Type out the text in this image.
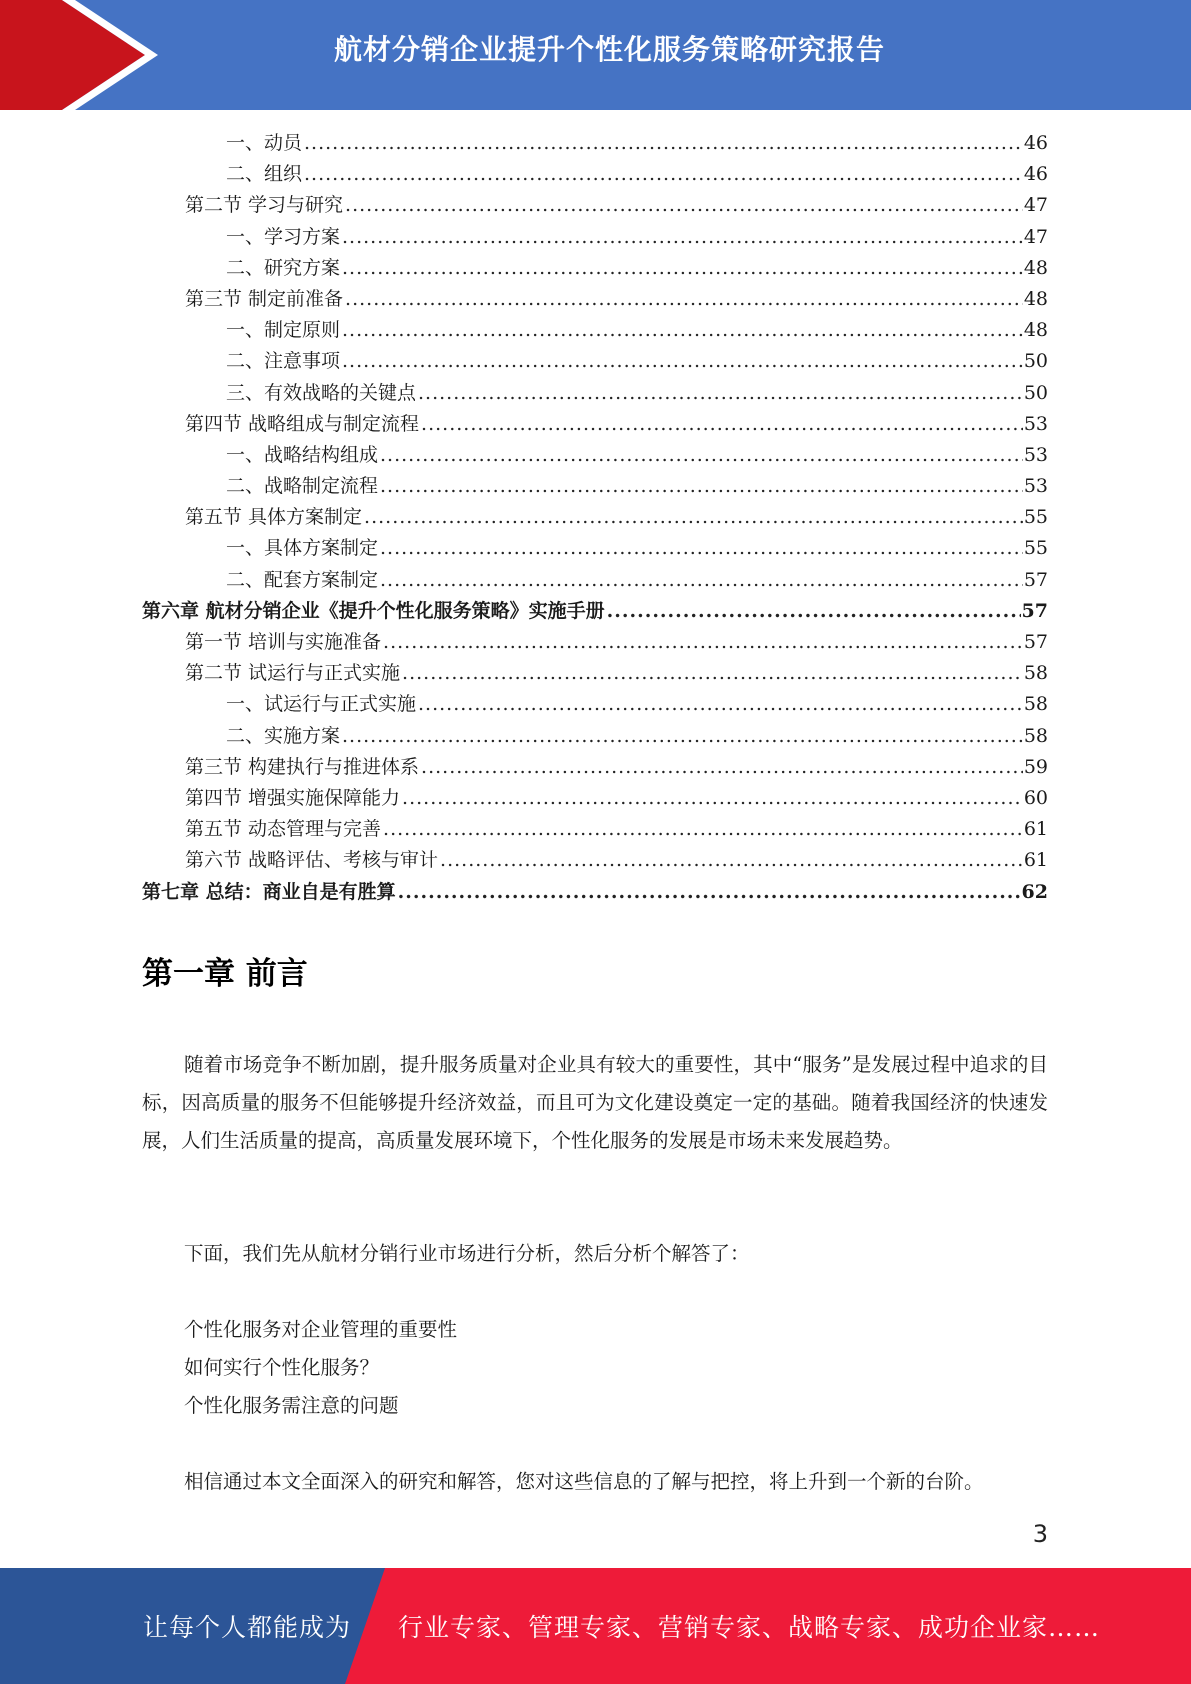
航材分销企业提升个性化服务策略研究报告
一、动员 .....	46
二、组织 .....	46
第二节 学习与研究 .....	47
一、学习方案 .....	47
二、研究方案 .....	48
第三节 制定前准备 .....	48
一、制定原则 .....	48
二、注意事项 .....	50
三、有效战略的关键点 .....	50
第四节 战略组成与制定流程 .....	53
一、战略结构组成 .....	53
二、战略制定流程 .....	53
第五节 具体方案制定 .....	55
一、具体方案制定 .....	55
二、配套方案制定 .....	57
第六章 航材分销企业《提升个性化服务策略》实施手册 .....	57
第一节 培训与实施准备 .....	57
第二节 试运行与正式实施 .....	58
一、试运行与正式实施 .....	58
二、实施方案 .....	58
第三节 构建执行与推进体系 .....	59
第四节 增强实施保障能力 .....	60
第五节 动态管理与完善 .....	61
第六节 战略评估、考核与审计 .....	61
第七章 总结：商业自是有胜算 .....	62
第一章 前言

随着市场竞争不断加剧，提升服务质量对企业具有较大的重要性，其中“服务”是发展过程中追求的目标，因高质量的服务不但能够提升经济效益，而且可为文化建设奠定一定的基础。随着我国经济的快速发展，人们生活质量的提高，高质量发展环境下，个性化服务的发展是市场未来发展趋势。

下面，我们先从航材分销行业市场进行分析，然后分析个解答了：

个性化服务对企业管理的重要性
如何实行个性化服务？
个性化服务需注意的问题

相信通过本文全面深入的研究和解答，您对这些信息的了解与把控，将上升到一个新的台阶。

3
让每个人都能成为 行业专家、管理专家、营销专家、战略专家、成功企业家……
